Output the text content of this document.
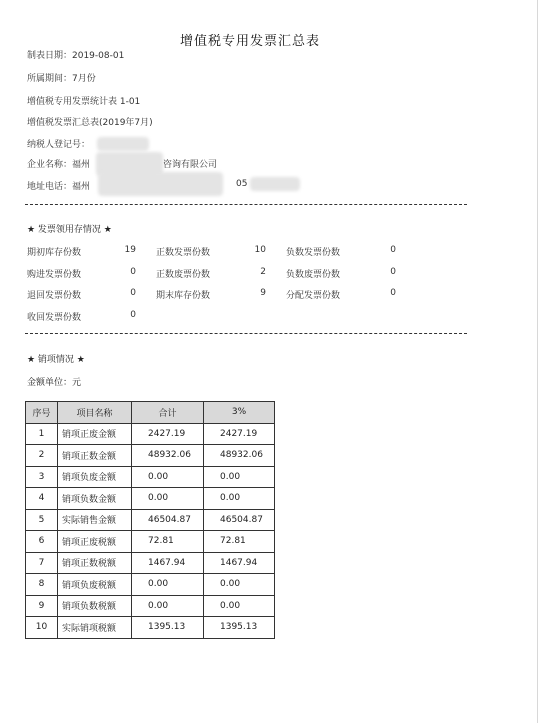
增值税专用发票汇总表
制表日期：2019-08-01
所属期间：7月份
增值税专用发票统计表 1-01
增值税发票汇总表(2019年7月)
纳税人登记号：
企业名称：福州	咨询有限公司
地址电话：福州	05
★ 发票领用存情况 ★
期初库存份数	19 正数发票份数	10 负数发票份数	0
购进发票份数	0 正数废票份数	2 负数废票份数	0
退回发票份数	0 期末库存份数	9 分配发票份数	0
收回发票份数	0
★ 销项情况 ★
金额单位：元
序号	项目名称	合计	3%
1	销项正废金额	2427.19	2427.19
2	销项正数金额	48932.06	48932.06
3	销项负废金额	0.00	0.00
4	销项负数金额	0.00	0.00
5	实际销售金额	46504.87	46504.87
6	销项正废税额	72.81	72.81
7	销项正数税额	1467.94	1467.94
8	销项负废税额	0.00	0.00
9	销项负数税额	0.00	0.00
10	实际销项税额	1395.13	1395.13
